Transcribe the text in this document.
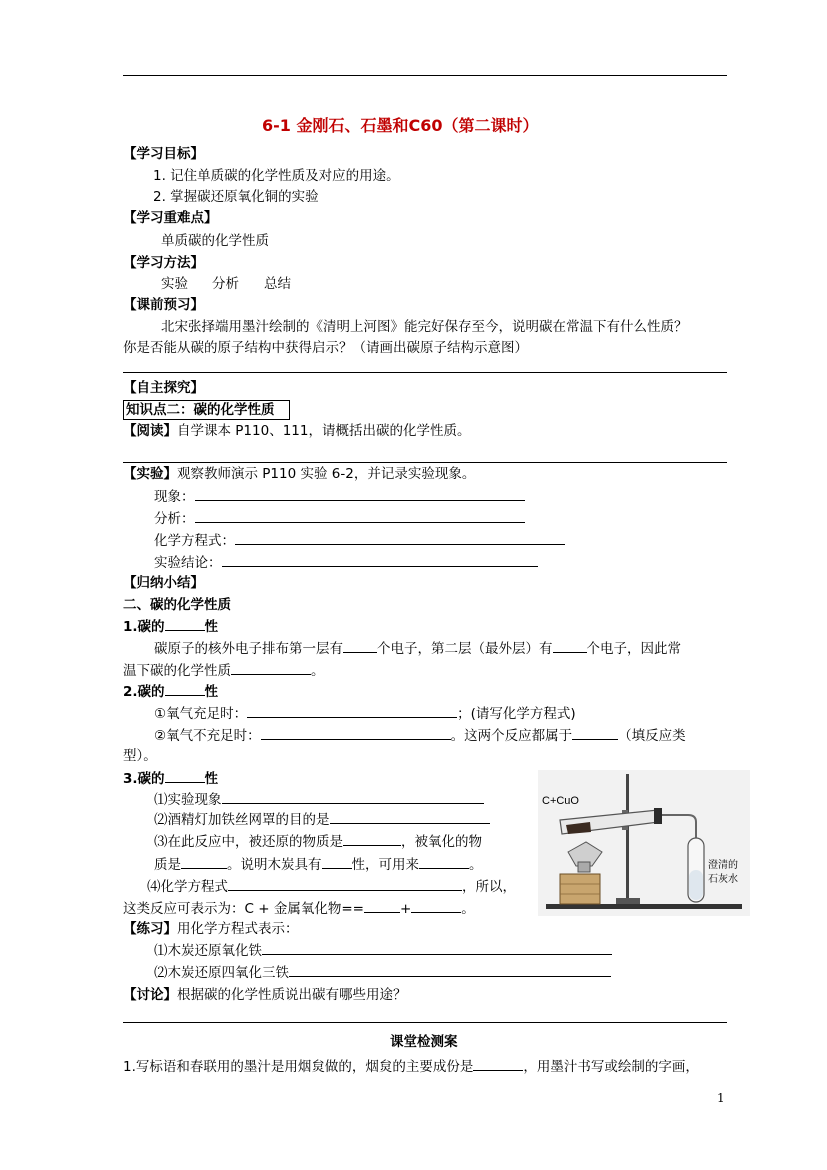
6-1 金刚石、石墨和C60（第二课时）
【学习目标】
1. 记住单质碳的化学性质及对应的用途。
2. 掌握碳还原氧化铜的实验
【学习重难点】
单质碳的化学性质
【学习方法】
实验 分析 总结
【课前预习】
北宋张择端用墨汁绘制的《清明上河图》能完好保存至今，说明碳在常温下有什么性质？
你是否能从碳的原子结构中获得启示？（请画出碳原子结构示意图）
【自主探究】
知识点二：碳的化学性质
【阅读】自学课本 P110、111，请概括出碳的化学性质。
【实验】观察教师演示 P110 实验 6-2，并记录实验现象。
现象：
分析：
化学方程式：
实验结论：
【归纳小结】
二、碳的化学性质
1.碳的	性
碳原子的核外电子排布第一层有	个电子，第二层（最外层）有	个电子，因此常
温下碳的化学性质	。
2.碳的	性
①氧气充足时：	；(请写化学方程式)
②氧气不充足时：	。这两个反应都属于	（填反应类
型）。
3.碳的	性
⑴实验现象
⑵酒精灯加铁丝网罩的目的是
⑶在此反应中，被还原的物质是	，被氧化的物
质是	。说明木炭具有 性，可用来	。
⑷化学方程式	，所以，
这类反应可表示为：C + 金属氧化物==	+	。
C+CuO
澄清的
石灰水
【练习】用化学方程式表示：
⑴木炭还原氧化铁
⑵木炭还原四氧化三铁
【讨论】根据碳的化学性质说出碳有哪些用途？
课堂检测案
1.写标语和春联用的墨汁是用烟炱做的，烟炱的主要成份是	，用墨汁书写或绘制的字画，
1
